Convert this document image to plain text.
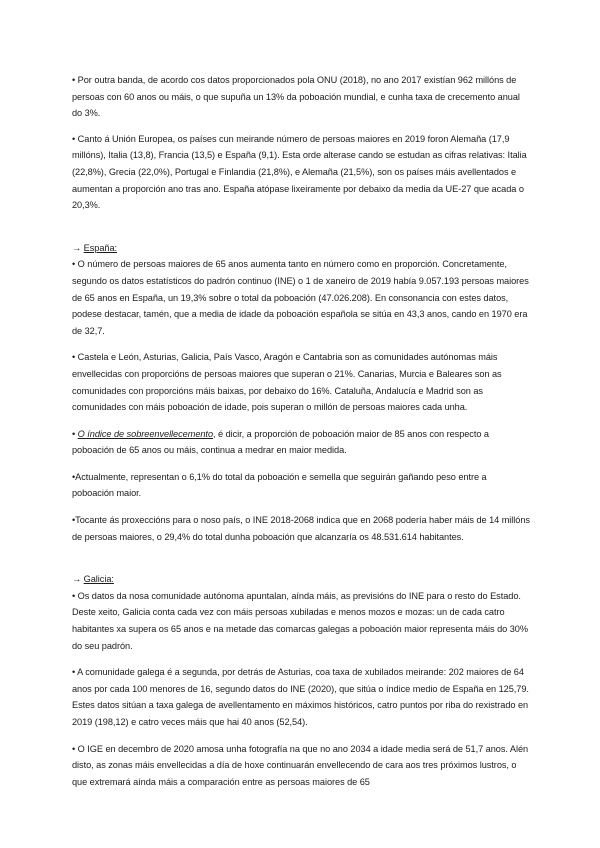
• Por outra banda, de acordo cos datos proporcionados pola ONU (2018), no ano 2017 existían 962 millóns de persoas con 60 anos ou máis, o que supuña un 13% da poboación mundial, e cunha taxa de crecemento anual do 3%.

• Canto á Unión Europea, os países cun meirande número de persoas maiores en 2019 foron Alemaña (17,9 millóns), Italia (13,8), Francia (13,5) e España (9,1). Esta orde alterase cando se estudan as cifras relativas: Italia (22,8%), Grecia (22,0%), Portugal e Finlandia (21,8%), e Alemaña (21,5%), son os países máis avellentados e aumentan a proporción ano tras ano. España atópase lixeiramente por debaixo da media da UE-27 que acada o 20,3%.

→ España:

• O número de persoas maiores de 65 anos aumenta tanto en número como en proporción. Concretamente, segundo os datos estatísticos do padrón continuo (INE) o 1 de xaneiro de 2019 había 9.057.193 persoas maiores de 65 anos en España, un 19,3% sobre o total da poboación (47.026.208). En consonancia con estes datos, podese destacar, tamén, que a media de idade da poboación española se sitúa en 43,3 anos, cando en 1970 era de 32,7.

• Castela e León, Asturias, Galicia, País Vasco, Aragón e Cantabria son as comunidades autónomas máis envellecidas con proporcións de persoas maiores que superan o 21%. Canarias, Murcia e Baleares son as comunidades con proporcións máis baixas, por debaixo do 16%. Cataluña, Andalucía e Madrid son as comunidades con máis poboación de idade, pois superan o millón de persoas maiores cada unha.

• O índice de sobreenvellecemento, é dicir, a proporción de poboación maior de 85 anos con respecto a poboación de 65 anos ou máis, continua a medrar en maior medida.

•Actualmente, representan o 6,1% do total da poboación e semella que seguirán gañando peso entre a poboación maior.

•Tocante ás proxeccións para o noso país, o INE 2018-2068 indica que en 2068 podería haber máis de 14 millóns de persoas maiores, o 29,4% do total dunha poboación que alcanzaría os 48.531.614 habitantes.

→ Galicia:

• Os datos da nosa comunidade autónoma apuntalan, aínda máis, as previsións do INE para o resto do Estado. Deste xeito, Galicia conta cada vez con máis persoas xubiladas e menos mozos e mozas: un de cada catro habitantes xa supera os 65 anos e na metade das comarcas galegas a poboación maior representa máis do 30% do seu padrón.

• A comunidade galega é a segunda, por detrás de Asturias, coa taxa de xubilados meirande: 202 maiores de 64 anos por cada 100 menores de 16, segundo datos do INE (2020), que sitúa o índice medio de España en 125,79. Estes datos sitúan a taxa galega de avellentamento en máximos históricos, catro puntos por riba do rexistrado en 2019 (198,12) e catro veces máis que hai 40 anos (52,54).

• O IGE en decembro de 2020 amosa unha fotografía na que no ano 2034 a idade media será de 51,7 anos. Alén disto, as zonas máis envellecidas a día de hoxe continuarán envellecendo de cara aos tres próximos lustros, o que extremará aínda máis a comparación entre as persoas maiores de 65
